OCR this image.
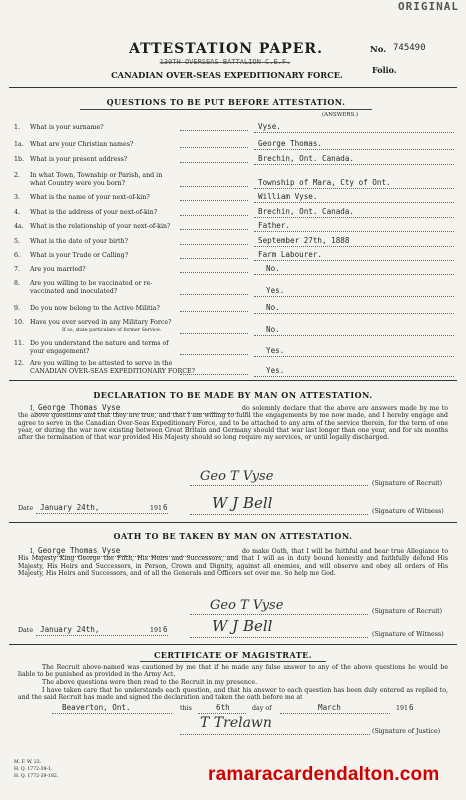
ORIGINAL
ATTESTATION PAPER.
130TH OVERSEAS BATTALION C.E.F.
CANADIAN OVER-SEAS EXPEDITIONARY FORCE.
No. 745490
Folio.
QUESTIONS TO BE PUT BEFORE ATTESTATION.
(ANSWERS.)
1. What is your surname?	Vyse.
1a. What are your Christian names?	George Thomas.
1b. What is your present address?	Brechin, Ont. Canada.
2. In what Town, Township or Parish, and in
what Country were you born?	Township of Mara, Cty of Ont.
3. What is the name of your next-of-kin?	William Vyse.
4. What is the address of your next-of-kin?	Brechin, Ont. Canada.
4a. What is the relationship of your next-of-kin?	Father.
5. What is the date of your birth?	September 27th, 1888
6. What is your Trade or Calling?	Farm Labourer.
7. Are you married?	No.
8. Are you willing to be vaccinated or re-
vaccinated and inoculated?	Yes.
9. Do you now belong to the Active Militia?	No.
10. Have you ever served in any Military Force?
If so, state particulars of former Service.	No.
11. Do you understand the nature and terms of
your engagement?	Yes.
12. Are you willing to be attested to serve in the
CANADIAN OVER-SEAS EXPEDITIONARY FORCE?	Yes.
DECLARATION TO BE MADE BY MAN ON ATTESTATION.
I, George Thomas Vyse	do solemnly declare that the above are answers made by me to the above questions and that they are true, and that I am willing to fulfil the engagements by me now made, and I hereby engage and agree to serve in the Canadian Over-Seas Expeditionary Force, and to be attached to any arm of the service therein, for the term of one year, or during the war now existing between Great Britain and Germany should that war last longer than one year, and for six months after the termination of that war provided His Majesty should so long require my services, or until legally discharged.
Geo T Vyse	(Signature of Recruit)
Date January 24th,	191 6	W J Bell	(Signature of Witness)
OATH TO BE TAKEN BY MAN ON ATTESTATION.
I, George Thomas Vyse	do make Oath, that I will be faithful and bear true Allegiance to His Majesty King George the Fifth, His Heirs and Successors, and that I will as in duty bound honestly and faithfully defend His Majesty, His Heirs and Successors, in Person, Crown and Dignity, against all enemies, and will observe and obey all orders of His Majesty, His Heirs and Successors, and of all the Generals and Officers set over me. So help me God.
Geo T Vyse	(Signature of Recruit)
Date January 24th,	191 6	W J Bell	(Signature of Witness)
CERTIFICATE OF MAGISTRATE.
The Recruit above-named was cautioned by me that if he made any false answer to any of the above questions he would be liable to be punished as provided in the Army Act.
The above questions were then read to the Recruit in my presence.
I have taken care that he understands each question, and that his answer to each question has been duly entered as replied to, and the said Recruit has made and signed the declaration and taken the oath before me at
Beaverton, Ont.	this	6th	day of	March	191 6
T Trelawn
(Signature of Justice)
M. F. W. 23.
H. Q. 1772-39-1.
H. Q. 1772-39-182.	ramaracardendalton.com
